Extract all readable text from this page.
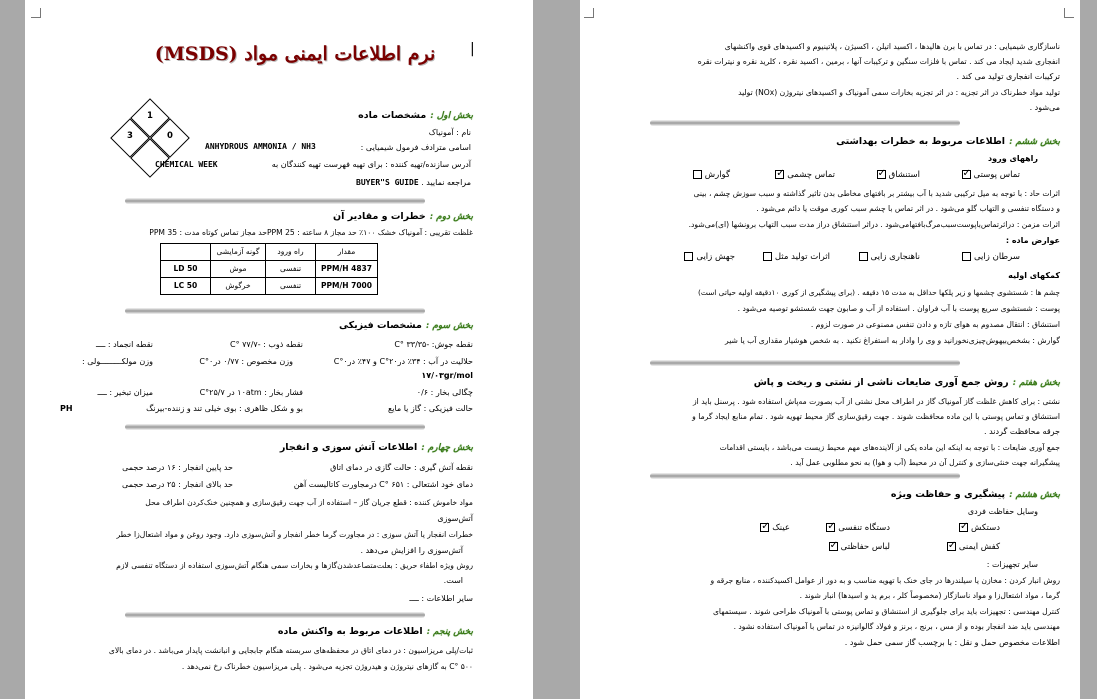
|
نرم اطلاعات ایمنی مواد (MSDS)
1
3	0
بخش اول :
مشخصات ماده
نام : آمونیاک
اسامی مترادف فرمول شیمیایی :
ANHYDROUS AMMONIA / NH3
آدرس سازنده/تهیه کننده : برای تهیه فهرست تهیه کنندگان به
CHEMICAL WEEK
مراجعه نمایید . BUYER"S GUIDE
بخش دوم :
خطرات و مقادیر آن
غلظت تقریبی : آمونیاک خشک ۱۰۰٪ حد مجاز ۸ ساعته : 25 PPMحد مجاز تماس کوتاه مدت : 35 PPM
مقدار	راه ورود	گونه آزمایشی	
4837 PPM/H	تنفسی	موش	LD 50
7000 PPM/H	تنفسی	خرگوش	LC 50
بخش سوم :
مشخصات فیزیکی
نقطه جوش: -۳۳/۳۵ °C
نقطه ذوب : -۷۷/۷ °C
نقطه انجماد : ــــ
حلالیت در آب : ۳۴٪ در۲۰°C و ۴۷٪ در۰°C
وزن مخصوص : ۰/۷۷ در۰°C
وزن مولکـــــــــولی :
۱۷/۰۳gr/mol
چگالی بخار : ۰/۶
فشار بخار : ۱۰atm در ۲۵/۷°C
میزان تبخیر : ــــ
حالت فیزیکی : گاز یا مایع
بو و شکل ظاهری : بوی خیلی تند و زننده-بیرنگ
PH
بخش چهارم :
اطلاعات آتش سوزی و انفجار
نقطه آتش گیری : حالت گازی در دمای اتاق
حد پایین انفجار : ۱۶ درصد حجمی
دمای خود اشتعالی : ۶۵۱ °C درمجاورت کاتالیست آهن
حد بالای انفجار : ۲۵ درصد حجمی
مواد خاموش کننده : قطع جریان گاز – استفاده از آب جهت رقیق‌سازی و همچنین خنک‌کردن اطراف محل
آتش‌سوزی
خطرات انفجار یا آتش سوزی : در مجاورت گرما خطر انفجار و آتش‌سوزی دارد. وجود روغن و مواد اشتعال‌زا خطر
آتش‌سوزی را افزایش می‌دهد .
روش ویژه اطفاء حریق : بعلت‌متصاعدشدن‌گازها و بخارات سمی هنگام آتش‌سوزی استفاده از دستگاه تنفسی لازم
است.
سایر اطلاعات : ــــ
بخش پنجم :
اطلاعات مربوط به واکنش ماده
ثبات/پلی مریزاسیون : در دمای اتاق در محفظه‌های سربسته هنگام جابجایی و انبانشت پایدار می‌باشد . در دمای بالای
۵۰۰ °C به گازهای نیتروژن و هیدروژن تجزیه می‌شود . پلی مریزاسیون خطرناک رخ نمی‌دهد .
ناسازگاری شیمیایی : در تماس با برن هالیدها ، اکسید اتیلن ، اکسیژن ، پلاتینیوم و اکسیدهای قوی واکنشهای
انفجاری شدید ایجاد می کند . تماس با فلزات سنگین و ترکیبات آنها ، برمین ، اکسید نقره ، کلرید نقره و نیترات نقره
ترکیبات انفجاری تولید می کند .
تولید مواد خطرناک در اثر تجزیه : در اثر تجزیه بخارات سمی آمونیاک و اکسیدهای نیتروژن (NOx) تولید
می‌شود .
بخش ششم :
اطلاعات مربوط به خطرات بهداشتی
راههای ورود
تماس پوستی✓
استنشاق✓
تماس چشمی✓
گوارش
اثرات حاد : با توجه به میل ترکیبی شدید با آب بیشتر بر بافتهای مخاطی بدن تاثیر گذاشته و سبب سوزش چشم ، بینی
و دستگاه تنفسی و التهاب گلو می‌شود . در اثر تماس با چشم سبب کوری موقت یا دائم می‌شود .
اثرات مزمن : دراثرتماس‌باپوست‌سبب‌مرگ‌بافتهامی‌شود . دراثر استنشاق دراز مدت سبب التهاب برونشها (ای)می‌شود.
عوارض ماده :
سرطان زایی
ناهنجاری زایی
اثرات تولید مثل
جهش زایی
کمکهای اولیه
چشم ها : شستشوی چشمها و زیر پلکها حداقل به مدت ۱۵ دقیقه . (برای پیشگیری از کوری ۱۰دقیقه اولیه حیاتی است)
پوست : شستشوی سریع پوست با آب فراوان . استفاده از آب و صابون جهت شستشو توصیه می‌شود .
استنشاق : انتقال مصدوم به هوای تازه و دادن تنفس مصنوعی در صورت لزوم .
گوارش : بشخص‌بیهوش‌چیزی‌نخورانید و وی را وادار به استفراغ نکنید . به شخص هوشیار مقداری آب یا شیر
بخش هفتم :
روش جمع آوری ضایعات ناشی از نشتی و ریخت و پاش
نشتی : برای کاهش غلظت گاز آمونیاک گاز در اطراف محل نشتی از آب بصورت مه‌پاش استفاده شود . پرسنل باید از
استنشاق و تماس پوستی با این ماده محافظت شوند . جهت رقیق‌سازی گاز محیط تهویه شود . تمام منابع ایجاد گرما و
جرقه محافظت گردند .
جمع آوری ضایعات : با توجه به اینکه این ماده یکی از آلاینده‌های مهم محیط زیست می‌باشد ، بایستی اقدامات
پیشگیرانه جهت خنثی‌سازی و کنترل آن در محیط (آب و هوا) به نحو مطلوبی عمل آید .
بخش هشتم :
پیشگیری و حفاظت ویژه
وسایل حفاظت فردی
دستکش✓
دستگاه تنفسی✓
عینک✓
کفش ایمنی✓
لباس حفاظتی✓
سایر تجهیزات :
روش انبار کردن : مخازن یا سیلندرها در جای خنک با تهویه مناسب و به دور از عوامل اکسیدکننده ، منابع جرقه و
گرما ، مواد اشتعال‌زا و مواد ناسازگار (مخصوصاً کلر ، برم ید و اسیدها) انبار شوند .
کنترل مهندسی : تجهیزات باید برای جلوگیری از استنشاق و تماس پوستی با آمونیاک طراحی شوند . سیستمهای
مهندسی باید ضد انفجار بوده و از مس ، برنج ، برنز و فولاد گالوانیزه در تماس با آمونیاک استفاده نشود .
اطلاعات مخصوص حمل و نقل : با برچسب گاز سمی حمل شود .
